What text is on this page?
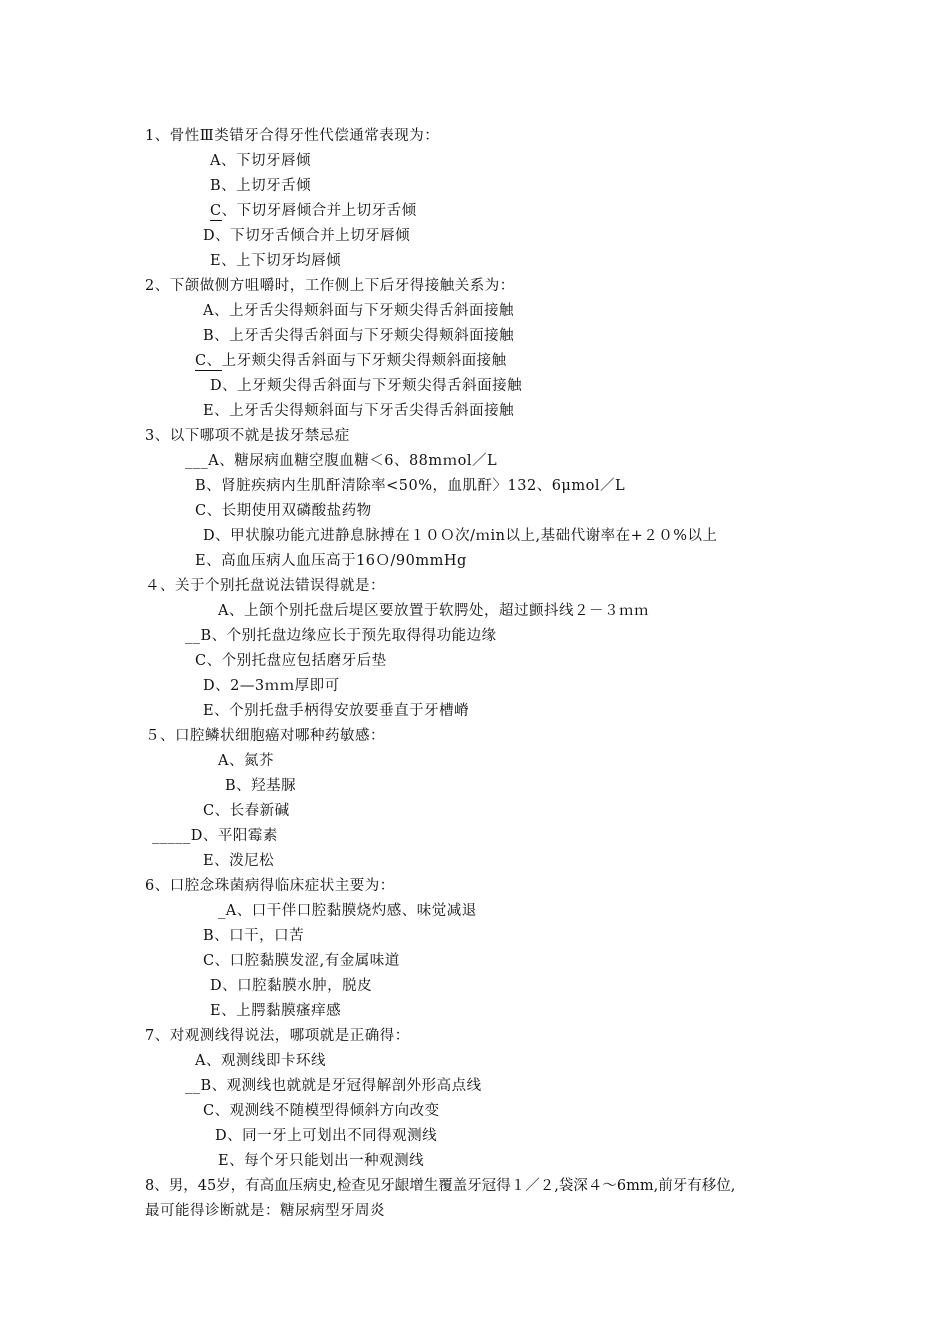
1、骨性Ⅲ类错牙合得牙性代偿通常表现为：
A、下切牙唇倾
B、上切牙舌倾
C、下切牙唇倾合并上切牙舌倾
D、下切牙舌倾合并上切牙唇倾
E、上下切牙均唇倾
2、下颌做侧方咀嚼时，工作侧上下后牙得接触关系为：
A、上牙舌尖得颊斜面与下牙颊尖得舌斜面接触
B、上牙舌尖得舌斜面与下牙颊尖得颊斜面接触
C、上牙颊尖得舌斜面与下牙颊尖得颊斜面接触
D、上牙颊尖得舌斜面与下牙颊尖得舌斜面接触
E、上牙舌尖得颊斜面与下牙舌尖得舌斜面接触
3、以下哪项不就是拔牙禁忌症
___A、糖尿病血糖空腹血糖＜6、88mｍol／L
B、肾脏疾病内生肌酐清除率<50%，血肌酐〉132、6μmol／L
C、长期使用双磷酸盐药物
D、甲状腺功能亢进静息脉搏在１０Ｏ次/ｍin以上,基础代谢率在+２０%以上
E、高血压病人血压高于16Ｏ/90mmHg
４、关于个别托盘说法错误得就是：
A、上颌个别托盘后堤区要放置于软腭处，超过颤抖线２－３ｍｍ
__B、个别托盘边缘应长于预先取得得功能边缘
C、个别托盘应包括磨牙后垫
D、2—3ｍｍ厚即可
E、个别托盘手柄得安放要垂直于牙槽嵴
５、口腔鳞状细胞癌对哪种药敏感：
A、氮芥
B、羟基脲
C、长春新碱
_____D、平阳霉素
E、泼尼松
6、口腔念珠菌病得临床症状主要为：
_A、口干伴口腔黏膜烧灼感、味觉减退
B、口干，口苦
C、口腔黏膜发涩,有金属味道
D、口腔黏膜水肿，脱皮
E、上腭黏膜瘙痒感
7、对观测线得说法，哪项就是正确得：
A、观测线即卡环线
__B、观测线也就就是牙冠得解剖外形高点线
C、观测线不随模型得倾斜方向改变
D、同一牙上可划出不同得观测线
E、每个牙只能划出一种观测线
8、男，45岁，有高血压病史,检查见牙龈增生覆盖牙冠得１／２,袋深４～6mm,前牙有移位,
最可能得诊断就是：糖尿病型牙周炎
